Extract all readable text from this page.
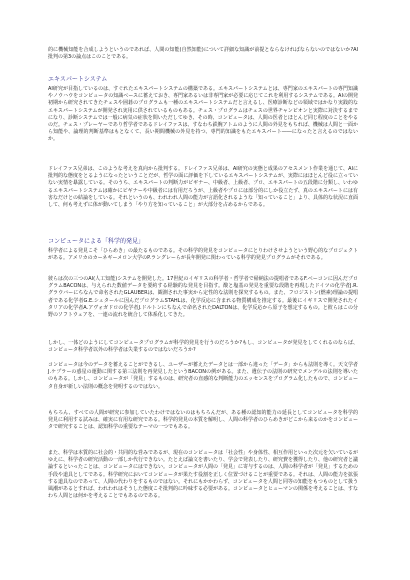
的に機械知能を合成しようというのであれば、人間の知能(自然知能)について詳細な知識が前提とならなければならないのではないか?AI批判の第3の論点はこのことである。

エキスパートシステム

AI研究が目指しているのは、すぐれたエキスパートシステムの構築である。エキスパートシステムとは、専門家のエキスパートの専門知識やノウハウをコンピュータの知識ベースに蓄えておき、専門家あるいは非専門家が必要に応じてこれを利用するシステムである。AIの開発初期から研究されてきたチェスや囲碁のプログラムも一種のエキスパートシステムだと言えるし、医療診断などの領域ではかなり実践的なエキスパートシステムが開発され実用に供されているものもある。チェス・プログラムはチェスの世界チャンピオンと実際に対決するまでになり、診断システムでは一般に病気の症状を問いただしてゆき、その時、コンピュータは、人間の医者とほとんど同じ程度のことをやるのだ。チェス・プレーヤーであり哲学者であるドレイファスは、すなわち鉄腕アトムのように人間の外見をもちれば、機械は人間と一面から知能や、論理的判断基準はもとなくて、長い期間機械の外見を持つ、専門的知識をもたエキスパート――になったと言えるのではないか。

ドレイファス兄弟は、このような考えを真向から批判する。ドレイファス兄弟は、AI研究の実態と成果のアセスメント作業を通じて、AIに批判的な態度をとるようになったということだが、哲学の面に評価を下しているエキスパートシステムが、実際にはほとんど役に立っていない実情を暴露している。そのうち、エキスパートの判断力がビギナー、中級者、上級者、プロ、エキスパートの五段階に分類し、いわゆるエキスパートシステムは確かにビギナーや中級者には有用だろうが、上級者やプロには部分的にしか役立たず、真のエキスパートには有害なだけとの結論をしている。それというのも、われわれ人間の能力が言語化されるような「知っていること」より、具体的な状況に直面して、何も考えずに体が動いてしまう「やり方を知っていること」が大部分を占めるからである。

コンピュータによる「科学的発見」

科学者による発見こそ「ひらめき」の最たるものである。その科学的発見をコンピュータにとりわけさせようという野心的なプロジェクトがある。アメリカのカーネギーメロン大学のP.ラングレーらが長年開発に関わっている科学的発見プログラムがそれである。

彼らは次の三つのAI(人工知能)システムを開発した。17世紀のイギリスの科学者・哲学者で帰納法の提唱者であるF.ベーコンに因んだプログラムBACONは、与えられた数値データを要約する経験的な発見を目指す。酸と塩基の発見を重要な段階を再現したドイツの化学者J.R.グラウバーにちなんで命名されたGLAUBERは、観測された事実から定性的な法則を探究するもの。また、フロジストン(燃素)理論の提唱者である化学者G.E.シュタールに因んだプログラムSTAHLは、化学反応に含まれる物質構成を推定する。最後にイギリスで開発されたイタリアの化学者A.アヴォガドロの化学者J.ドルトンにちなんで命名されたDALTONは、化学反応から原子を想定するもの。と彼らはこの分野のソフトウェアを、一連の流れを統合して体系化してきた。

しかし、一体どのようにしてコンピュータプログラムが科学的発見を行うのだろうか?もし、コンピュータが発見をしてくれるのならば、コンピュータ科学者以外の科学者は失業するのではないだろうか?

コンピュータは今のデータを蓄えることができるし、ユーザーが蓄えたデータとは一部から違った「データ」からも法則を導く。天文学者J.ケプラーの惑星の運動に関する第三法則を再発見したというBACONの例がある。また、遺伝子の法則の研究でメンデルの法則を導いたのもある。しかし、コンピュータが「発見」するものは、研究者の直感的な判断能力のエッセンスをプログラム化したもので、コンピュータ自身が新しい法則の概念を発明するのではない。

もちろん、すべての人間が研究に参加していたわけではないのはもちろんだが、ある種の認知的能力の延長としてコンピュータを科学的発見に利用する試みは、確実に有用な研究である。科学的発見の本質を解明し、人間の科学者のひらめきがどこから来るのかをコンピュータで研究することは、認知科学の重要なテーマの一つでもある。

また、科学は本質的に社会的・共同的な営みであるが、現在のコンピュータは「社会性」や身体性、相互作用といった次元を欠いているがゆえに、科学者の研究活動の一部しか代行できない。たとえば論文を書いたり、学会で発表したり、研究費を獲得したり、他の研究者と議論するといったことは、コンピュータにはできない。コンピュータが人間の「発見」に寄与するのは、人間の科学者が「発見」するための手段や道具としてである。科学研究においてコンピュータが果たす役割を正しく位置づけることが重要である。それは、人間の能力を拡張する道具なのであって、人間の代わりをするものではない。それにもかかわらず、コンピュータを人間と同等の知能をもつものとして扱う風潮があるとすれば、われわれはそうした態度こそ批判的に吟味する必要がある。コンピュータとヒューマンの関係を考えることは、すなわち人間とは何かを考えることでもあるのである。
